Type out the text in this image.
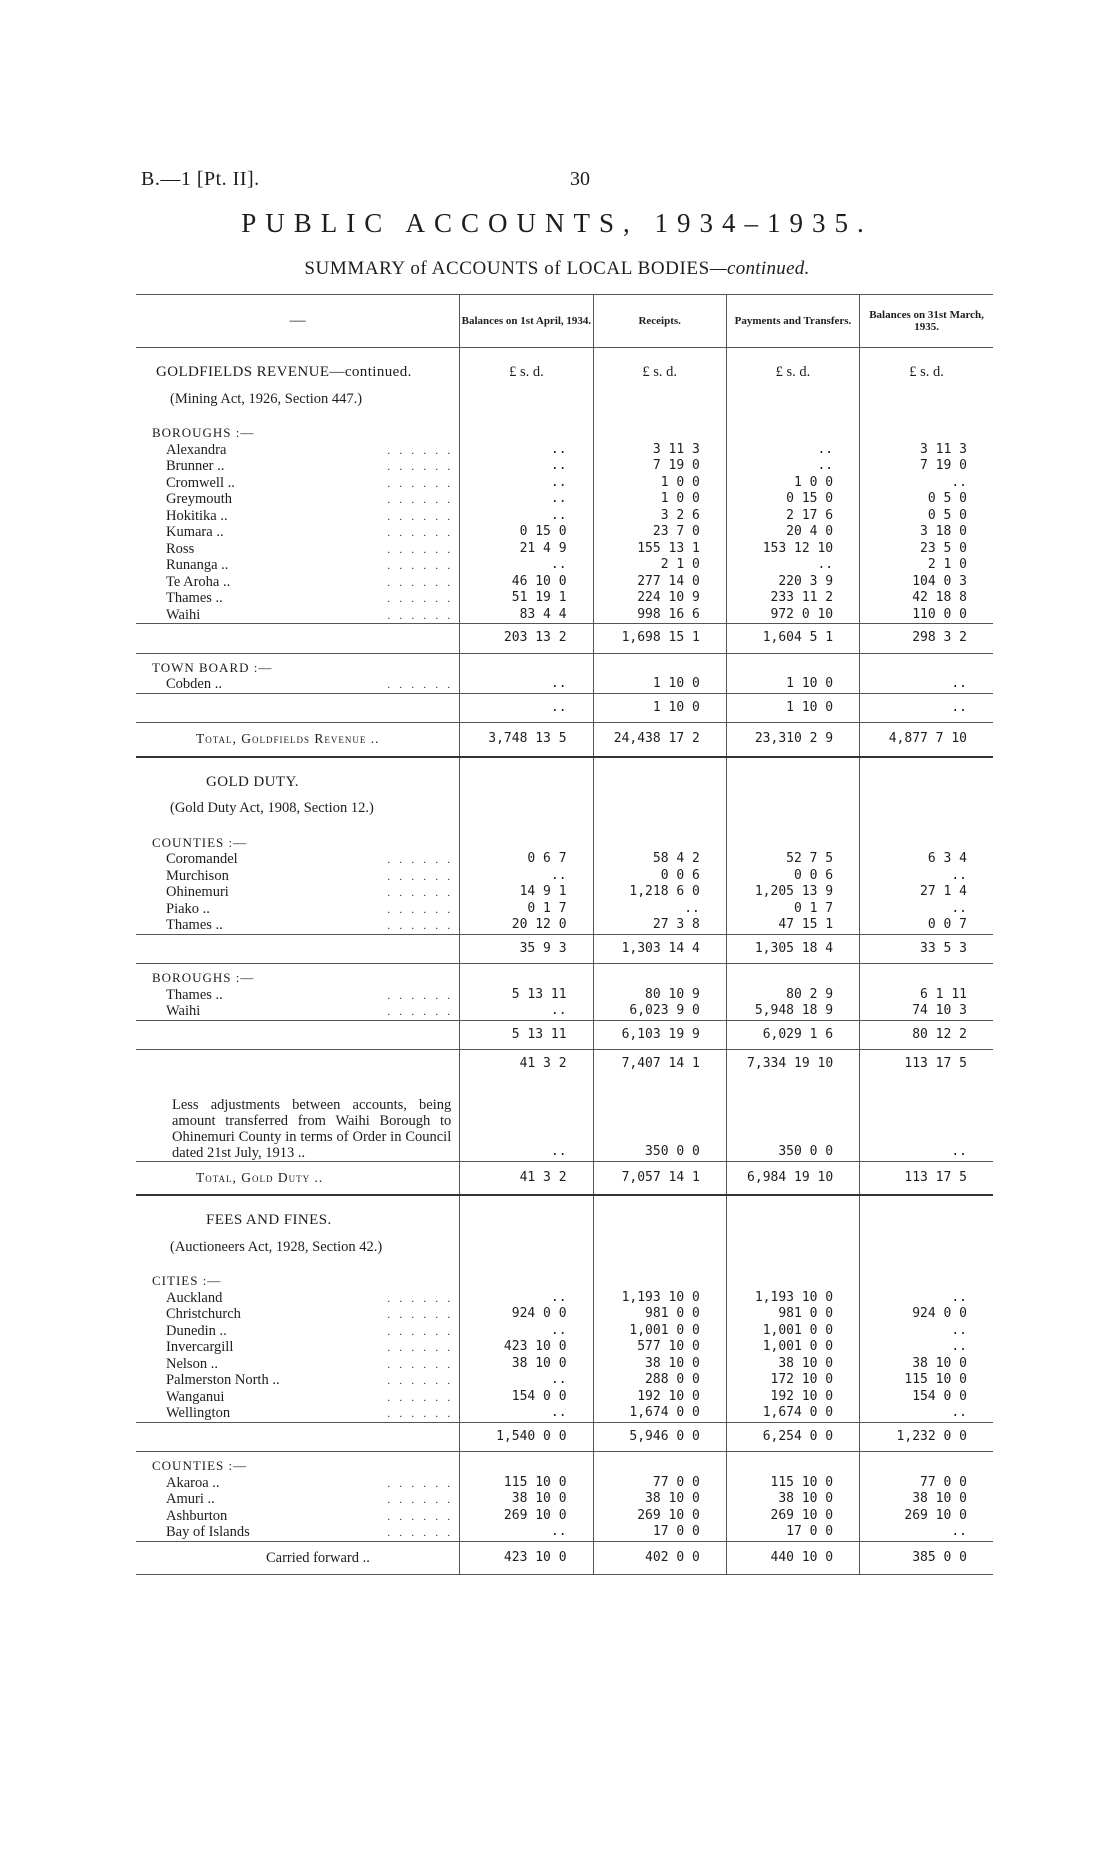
B.—1 [Pt. II].	30
PUBLIC ACCOUNTS, 1934–1935.
SUMMARY of ACCOUNTS of LOCAL BODIES—continued.
—	Balances on 1st April, 1934.	Receipts.	Payments and Transfers.	Balances on 31st March, 1935.

GOLDFIELDS REVENUE—continued.	£ s. d.	£ s. d.	£ s. d.	£ s. d.
(Mining Act, 1926, Section 447.)				
BOROUGHS :—				
Alexandra . . . . . .	..	3 11 3	..	3 11 3
Brunner .. . . . . . .	..	7 19 0	..	7 19 0
Cromwell .. . . . . . .	..	1 0 0	1 0 0	..
Greymouth . . . . . .	..	1 0 0	0 15 0	0 5 0
Hokitika .. . . . . . .	..	3 2 6	2 17 6	0 5 0
Kumara .. . . . . . .	0 15 0	23 7 0	20 4 0	3 18 0
Ross . . . . . .	21 4 9	155 13 1	153 12 10	23 5 0
Runanga .. . . . . . .	..	2 1 0	..	2 1 0
Te Aroha .. . . . . . .	46 10 0	277 14 0	220 3 9	104 0 3
Thames .. . . . . . .	51 19 1	224 10 9	233 11 2	42 18 8
Waihi . . . . . .	83 4 4	998 16 6	972 0 10	110 0 0
	203 13 2	1,698 15 1	1,604 5 1	298 3 2
TOWN BOARD :—				
Cobden .. . . . . . .	..	1 10 0	1 10 0	..
	..	1 10 0	1 10 0	..
Total, Goldfields Revenue ..	3,748 13 5	24,438 17 2	23,310 2 9	4,877 7 10

GOLD DUTY.				

(Gold Duty Act, 1908, Section 12.)				
COUNTIES :—				
Coromandel . . . . . .	0 6 7	58 4 2	52 7 5	6 3 4
Murchison . . . . . .	..	0 0 6	0 0 6	..
Ohinemuri . . . . . .	14 9 1	1,218 6 0	1,205 13 9	27 1 4
Piako .. . . . . . .	0 1 7	..	0 1 7	..
Thames .. . . . . . .	20 12 0	27 3 8	47 15 1	0 0 7
	35 9 3	1,303 14 4	1,305 18 4	33 5 3
BOROUGHS :—				
Thames .. . . . . . .	5 13 11	80 10 9	80 2 9	6 1 11
Waihi . . . . . .	..	6,023 9 0	5,948 18 9	74 10 3
	5 13 11	6,103 19 9	6,029 1 6	80 12 2
	41 3 2	7,407 14 1	7,334 19 10	113 17 5
Less adjustments between accounts, being amount transferred from Waihi Borough to Ohinemuri County in terms of Order in Council dated 21st July, 1913 ..	..	350 0 0	350 0 0	..
Total, Gold Duty ..	41 3 2	7,057 14 1	6,984 19 10	113 17 5

FEES AND FINES.				

(Auctioneers Act, 1928, Section 42.)				
CITIES :—				
Auckland . . . . . .	..	1,193 10 0	1,193 10 0	..
Christchurch . . . . . .	924 0 0	981 0 0	981 0 0	924 0 0
Dunedin .. . . . . . .	..	1,001 0 0	1,001 0 0	..
Invercargill . . . . . .	423 10 0	577 10 0	1,001 0 0	..
Nelson .. . . . . . .	38 10 0	38 10 0	38 10 0	38 10 0
Palmerston North .. . . . . . .	..	288 0 0	172 10 0	115 10 0
Wanganui . . . . . .	154 0 0	192 10 0	192 10 0	154 0 0
Wellington . . . . . .	..	1,674 0 0	1,674 0 0	..
	1,540 0 0	5,946 0 0	6,254 0 0	1,232 0 0
COUNTIES :—				
Akaroa .. . . . . . .	115 10 0	77 0 0	115 10 0	77 0 0
Amuri .. . . . . . .	38 10 0	38 10 0	38 10 0	38 10 0
Ashburton . . . . . .	269 10 0	269 10 0	269 10 0	269 10 0
Bay of Islands . . . . . .	..	17 0 0	17 0 0	..
Carried forward ..	423 10 0	402 0 0	440 10 0	385 0 0
